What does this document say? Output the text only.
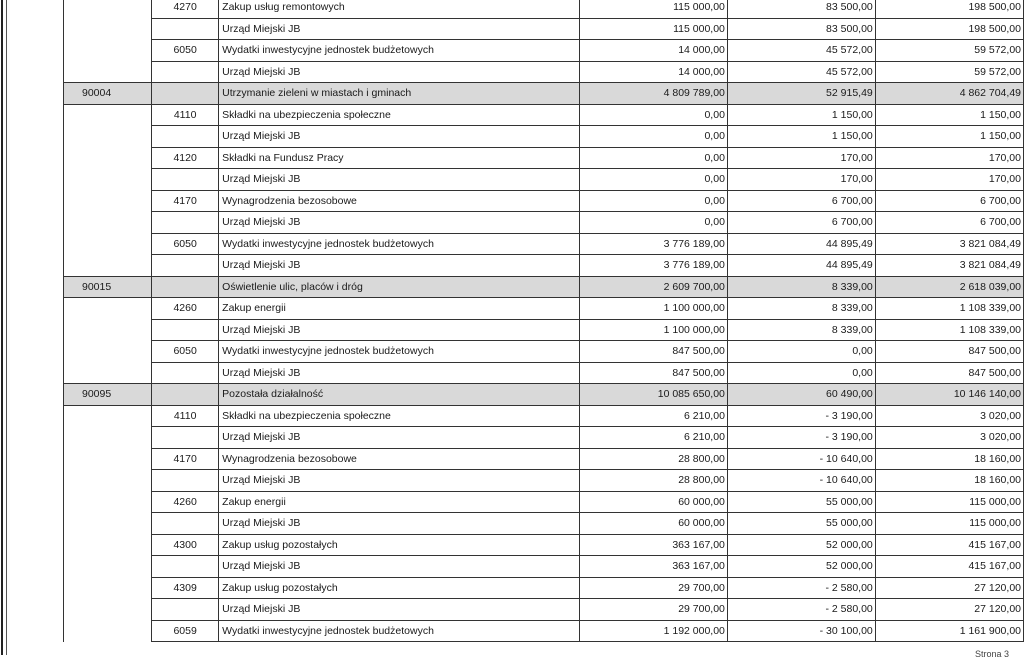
	4270	Zakup usług remontowych	115 000,00	83 500,00	198 500,00
		Urząd Miejski JB	115 000,00	83 500,00	198 500,00
	6050	Wydatki inwestycyjne jednostek budżetowych	14 000,00	45 572,00	59 572,00
		Urząd Miejski JB	14 000,00	45 572,00	59 572,00
90004		Utrzymanie zieleni w miastach i gminach	4 809 789,00	52 915,49	4 862 704,49
	4110	Składki na ubezpieczenia społeczne	0,00	1 150,00	1 150,00
		Urząd Miejski JB	0,00	1 150,00	1 150,00
	4120	Składki na Fundusz Pracy	0,00	170,00	170,00
		Urząd Miejski JB	0,00	170,00	170,00
	4170	Wynagrodzenia bezosobowe	0,00	6 700,00	6 700,00
		Urząd Miejski JB	0,00	6 700,00	6 700,00
	6050	Wydatki inwestycyjne jednostek budżetowych	3 776 189,00	44 895,49	3 821 084,49
		Urząd Miejski JB	3 776 189,00	44 895,49	3 821 084,49
90015		Oświetlenie ulic, placów i dróg	2 609 700,00	8 339,00	2 618 039,00
	4260	Zakup energii	1 100 000,00	8 339,00	1 108 339,00
		Urząd Miejski JB	1 100 000,00	8 339,00	1 108 339,00
	6050	Wydatki inwestycyjne jednostek budżetowych	847 500,00	0,00	847 500,00
		Urząd Miejski JB	847 500,00	0,00	847 500,00
90095		Pozostała działalność	10 085 650,00	60 490,00	10 146 140,00
	4110	Składki na ubezpieczenia społeczne	6 210,00	- 3 190,00	3 020,00
		Urząd Miejski JB	6 210,00	- 3 190,00	3 020,00
	4170	Wynagrodzenia bezosobowe	28 800,00	- 10 640,00	18 160,00
		Urząd Miejski JB	28 800,00	- 10 640,00	18 160,00
	4260	Zakup energii	60 000,00	55 000,00	115 000,00
		Urząd Miejski JB	60 000,00	55 000,00	115 000,00
	4300	Zakup usług pozostałych	363 167,00	52 000,00	415 167,00
		Urząd Miejski JB	363 167,00	52 000,00	415 167,00
	4309	Zakup usług pozostałych	29 700,00	- 2 580,00	27 120,00
		Urząd Miejski JB	29 700,00	- 2 580,00	27 120,00
	6059	Wydatki inwestycyjne jednostek budżetowych	1 192 000,00	- 30 100,00	1 161 900,00
Strona 3
